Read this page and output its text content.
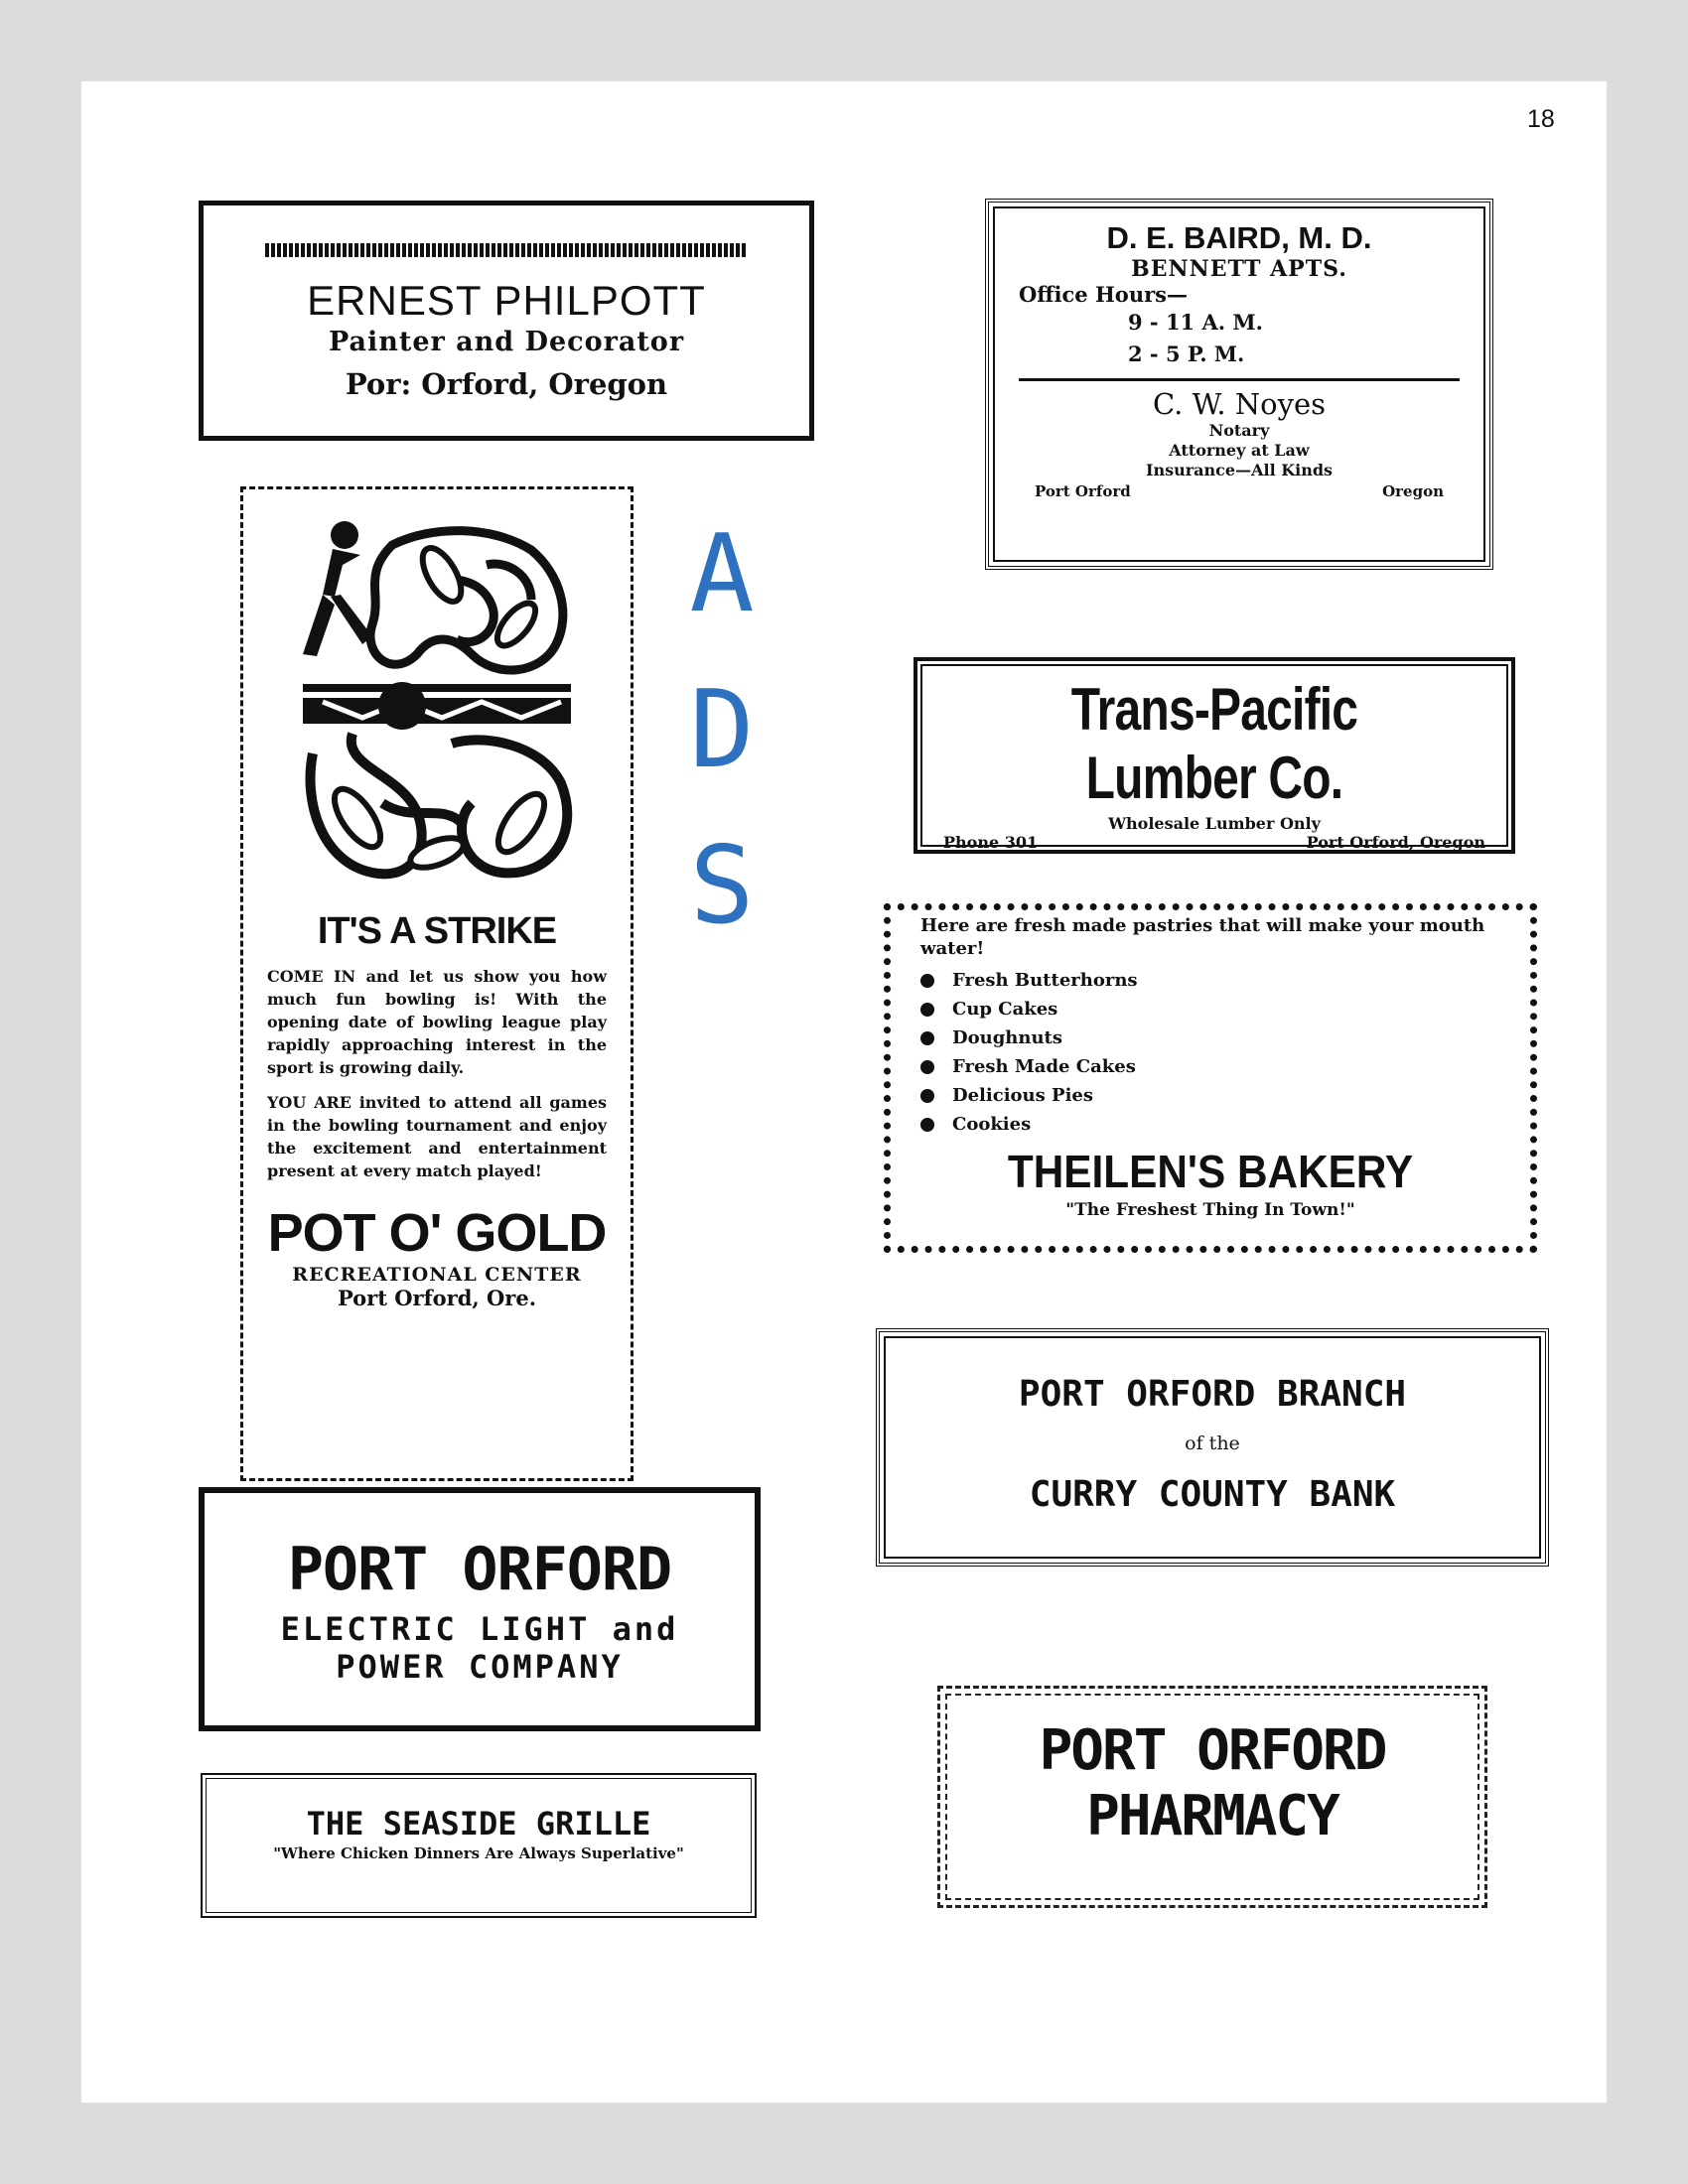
18
ERNEST PHILPOTT
Painter and Decorator
Por: Orford, Oregon
D. E. BAIRD, M. D.
BENNETT APTS.
Office Hours—
9 - 11 A. M.
2 - 5 P. M.
C. W. Noyes
Notary
Attorney at Law
Insurance—All Kinds
Port Orford	Oregon
IT'S A STRIKE
COME IN and let us show you how much fun bowling is! With the opening date of bowling league play rapidly approaching interest in the sport is growing daily.
YOU ARE invited to attend all games in the bowling tournament and enjoy the excitement and entertainment present at every match played!
POT O' GOLD
RECREATIONAL CENTER
Port Orford, Ore.
A
D
S
Trans-Pacific Lumber Co.
Wholesale Lumber Only
Phone 301	Port Orford, Oregon
Here are fresh made pastries that will make your mouth water!
Fresh Butterhorns
Cup Cakes
Doughnuts
Fresh Made Cakes
Delicious Pies
Cookies
THEILEN'S BAKERY
"The Freshest Thing In Town!"
PORT ORFORD BRANCH
of the
CURRY COUNTY BANK
PORT ORFORD
ELECTRIC LIGHT and
POWER COMPANY
PORT ORFORD
PHARMACY
THE SEASIDE GRILLE
"Where Chicken Dinners Are Always Superlative"
